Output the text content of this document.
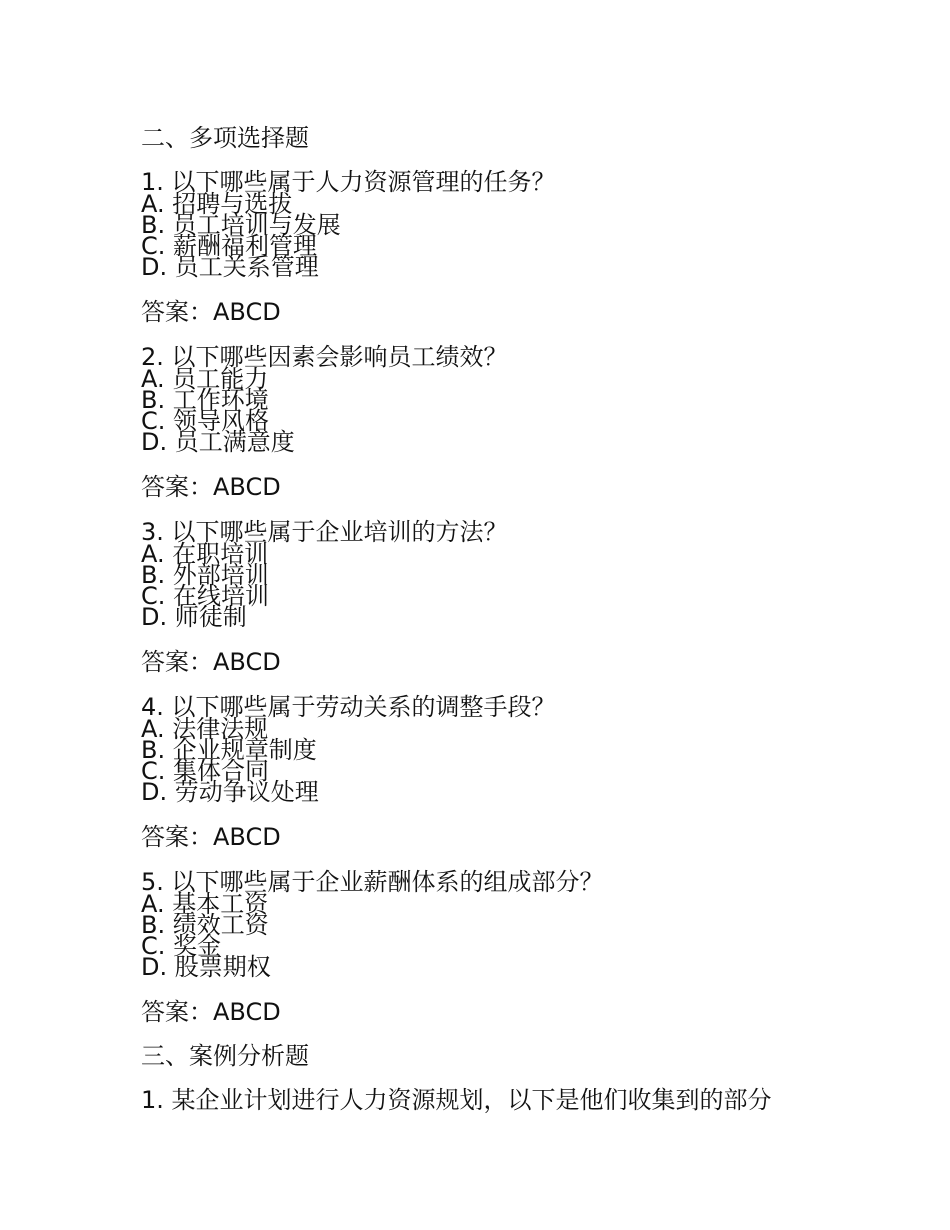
二、多项选择题
1. 以下哪些属于人力资源管理的任务？
A. 招聘与选拔
B. 员工培训与发展
C. 薪酬福利管理
D. 员工关系管理
答案：ABCD
2. 以下哪些因素会影响员工绩效？
A. 员工能力
B. 工作环境
C. 领导风格
D. 员工满意度
答案：ABCD
3. 以下哪些属于企业培训的方法？
A. 在职培训
B. 外部培训
C. 在线培训
D. 师徒制
答案：ABCD
4. 以下哪些属于劳动关系的调整手段？
A. 法律法规
B. 企业规章制度
C. 集体合同
D. 劳动争议处理
答案：ABCD
5. 以下哪些属于企业薪酬体系的组成部分？
A. 基本工资
B. 绩效工资
C. 奖金
D. 股票期权
答案：ABCD
三、案例分析题
1. 某企业计划进行人力资源规划，以下是他们收集到的部分
